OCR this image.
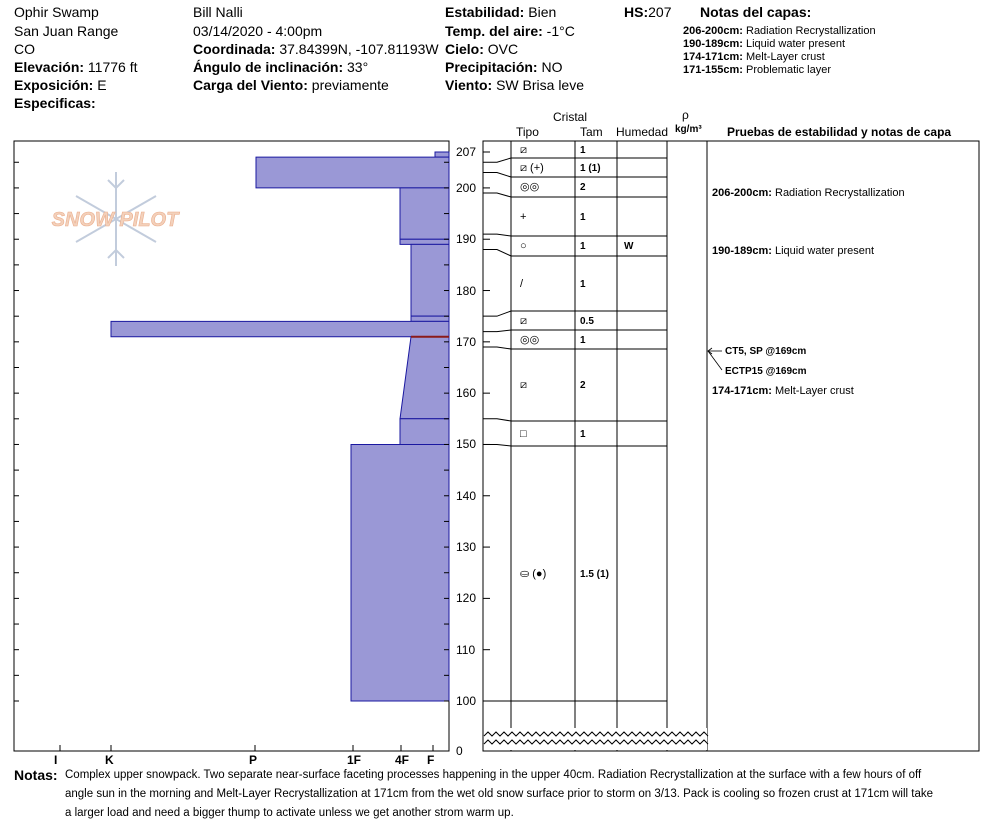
Ophir Swamp
San Juan Range
CO
Elevación: 11776 ft
Exposición: E
Especificas:
Bill Nalli
03/14/2020 - 4:00pm
Coordinada: 37.84399N, -107.81193W
Ángulo de inclinación: 33°
Carga del Viento: previamente
Estabilidad: Bien
Temp. del aire: -1°C
Cielo: OVC
Precipitación: NO
Viento: SW Brisa leve
HS:207 Notas del capas:
206-200cm: Radiation Recrystallization
190-189cm: Liquid water present
174-171cm: Melt-Layer crust
171-155cm: Problematic layer
Cristal
Tipo	Tam Humedad
ρ
kg/m³ Pruebas de estabilidad y notas de capa
SNOW PILOT
207
200
190
180
170
160
150
140
130
120
110
100
0
I	K	P	1F	4F F
⧄	1
⧄ (+)	1 (1)
◎◎	2
+	1
○	1	W
/	1
⧄	0.5
◎◎	1
⧄	2
□	1
⛀ (●)	1.5 (1)
206-200cm: Radiation Recrystallization
190-189cm: Liquid water present
CT5, SP @169cm
ECTP15 @169cm
174-171cm: Melt-Layer crust
Notas: Complex upper snowpack. Two separate near-surface faceting processes happening in the upper 40cm. Radiation Recrystallization at the surface with a few hours of off
angle sun in the morning and Melt-Layer Recrystallization at 171cm from the wet old snow surface prior to storm on 3/13. Pack is cooling so frozen crust at 171cm will take
a larger load and need a bigger thump to activate unless we get another strom warm up.
